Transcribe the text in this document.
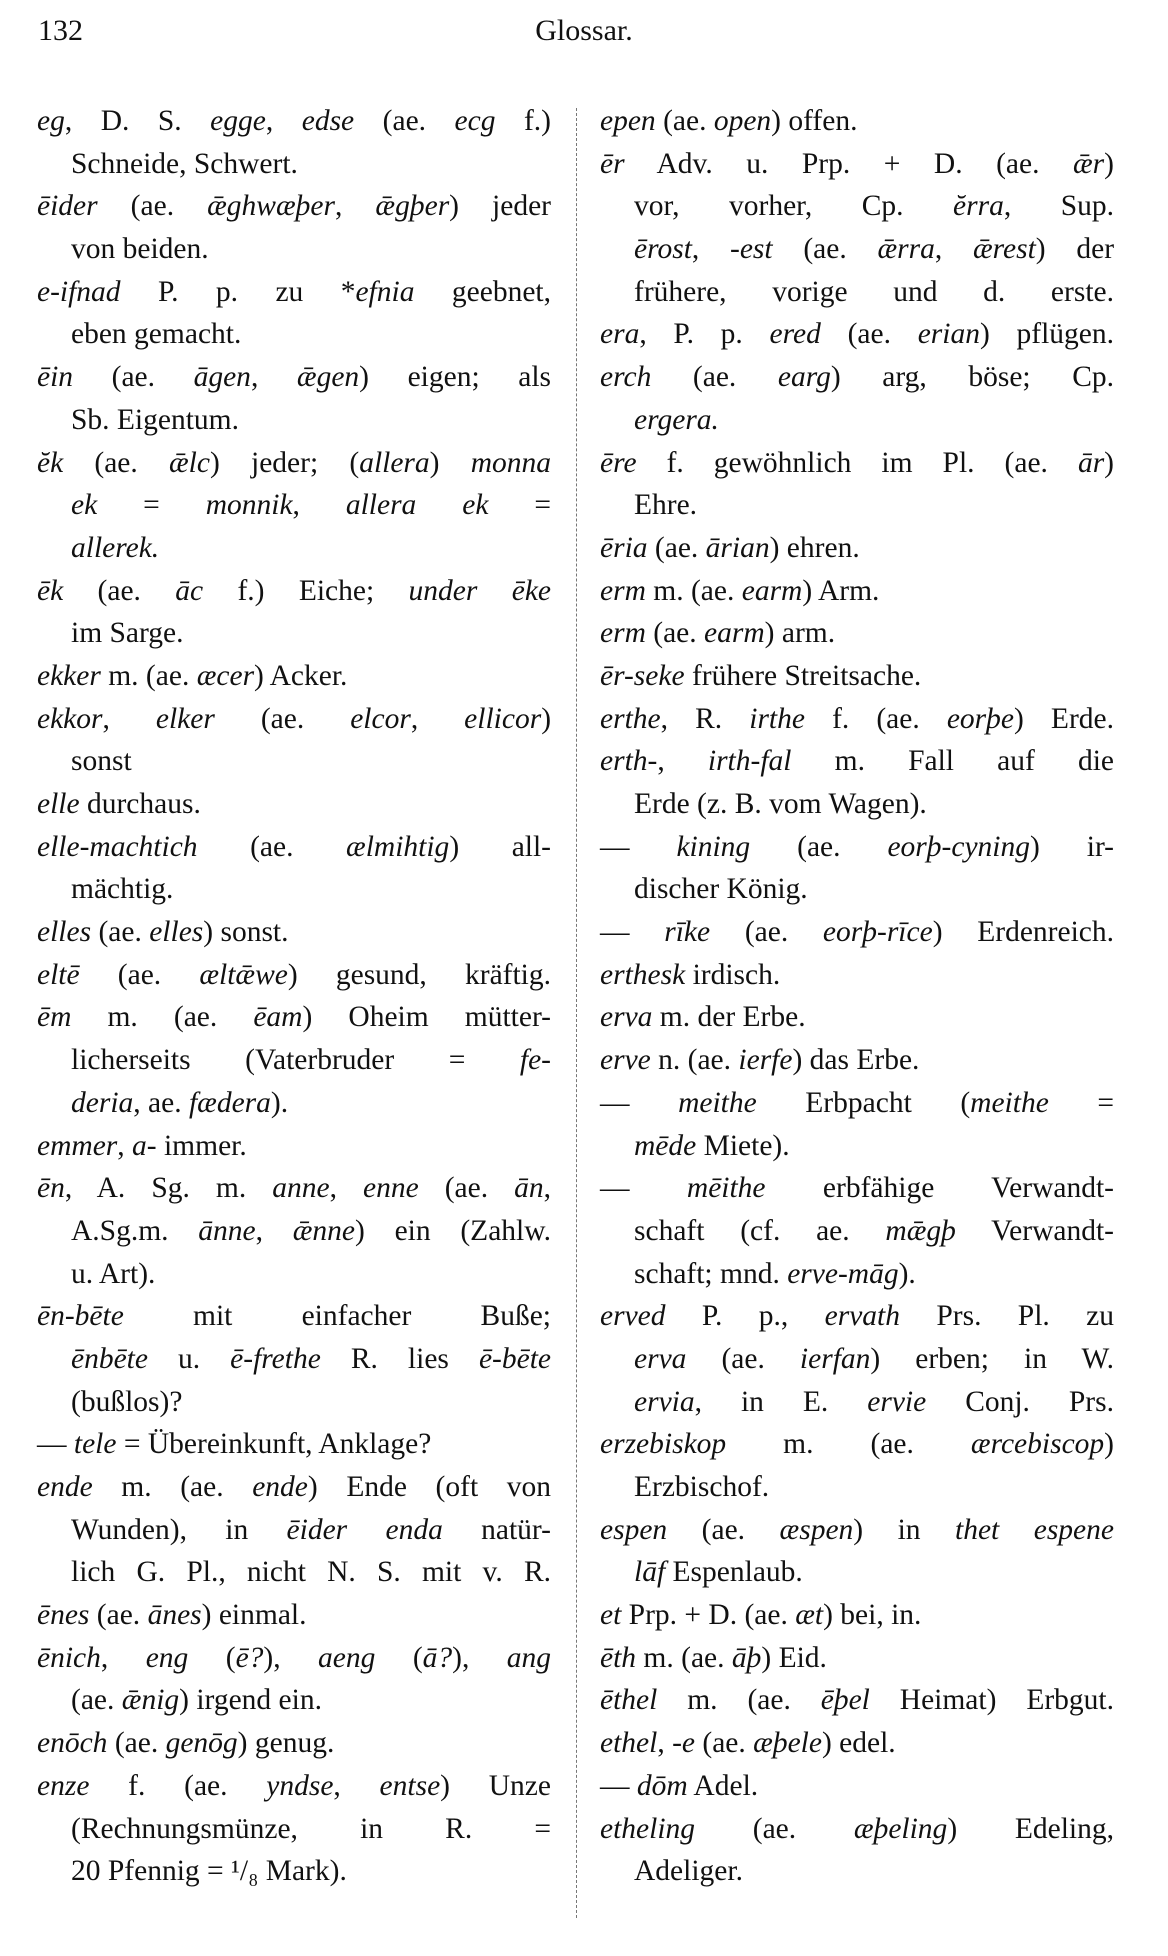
132	Glossar.
eg, D. S. egge, edse (ae. ecg f.)
Schneide, Schwert.
ēider (ae. ǣghwæþer, ǣgþer) jeder
von beiden.
e-ifnad P. p. zu *efnia geebnet,
eben gemacht.
ēin (ae. āgen, ǣgen) eigen; als
Sb. Eigentum.
ĕk (ae. ǣlc) jeder; (allera) monna
ek = monnik, allera ek =
allerek.
ēk (ae. āc f.) Eiche; under ēke
im Sarge.
ekker m. (ae. æcer) Acker.
ekkor, elker (ae. elcor, ellicor)
sonst
elle durchaus.
elle-machtich (ae. ælmihtig) all-
mächtig.
elles (ae. elles) sonst.
eltē (ae. æltǣwe) gesund, kräftig.
ēm m. (ae. ēam) Oheim mütter-
licherseits (Vaterbruder = fe-
deria, ae. fædera).
emmer, a- immer.
ēn, A. Sg. m. anne, enne (ae. ān,
A.Sg.m. ānne, ǣnne) ein (Zahlw.
u. Art).
ēn-bēte mit einfacher Buße;
ēnbēte u. ē-frethe R. lies ē-bēte
(bußlos)?
— tele = Übereinkunft, Anklage?
ende m. (ae. ende) Ende (oft von
Wunden), in ēider enda natür-
lich G. Pl., nicht N. S. mit v. R.
ēnes (ae. ānes) einmal.
ēnich, eng (ē?), aeng (ā?), ang
(ae. ǣnig) irgend ein.
enōch (ae. genōg) genug.
enze f. (ae. yndse, entse) Unze
(Rechnungsmünze, in R. =
20 Pfennig = ¹/₈ Mark).
epen (ae. open) offen.
ēr Adv. u. Prp. + D. (ae. ǣr)
vor, vorher, Cp. ĕrra, Sup.
ērost, -est (ae. ǣrra, ǣrest) der
frühere, vorige und d. erste.
era, P. p. ered (ae. erian) pflügen.
erch (ae. earg) arg, böse; Cp.
ergera.
ēre f. gewöhnlich im Pl. (ae. ār)
Ehre.
ēria (ae. ārian) ehren.
erm m. (ae. earm) Arm.
erm (ae. earm) arm.
ēr-seke frühere Streitsache.
erthe, R. irthe f. (ae. eorþe) Erde.
erth-, irth-fal m. Fall auf die
Erde (z. B. vom Wagen).
— kining (ae. eorþ-cyning) ir-
discher König.
— rīke (ae. eorþ-rīce) Erdenreich.
erthesk irdisch.
erva m. der Erbe.
erve n. (ae. ierfe) das Erbe.
— meithe Erbpacht (meithe =
mēde Miete).
— mēithe erbfähige Verwandt-
schaft (cf. ae. mǣgþ Verwandt-
schaft; mnd. erve-māg).
erved P. p., ervath Prs. Pl. zu
erva (ae. ierfan) erben; in W.
ervia, in E. ervie Conj. Prs.
erzebiskop m. (ae. ærcebiscop)
Erzbischof.
espen (ae. æspen) in thet espene
lāf Espenlaub.
et Prp. + D. (ae. æt) bei, in.
ēth m. (ae. āþ) Eid.
ēthel m. (ae. ēþel Heimat) Erbgut.
ethel, -e (ae. æþele) edel.
— dōm Adel.
etheling (ae. æþeling) Edeling,
Adeliger.
